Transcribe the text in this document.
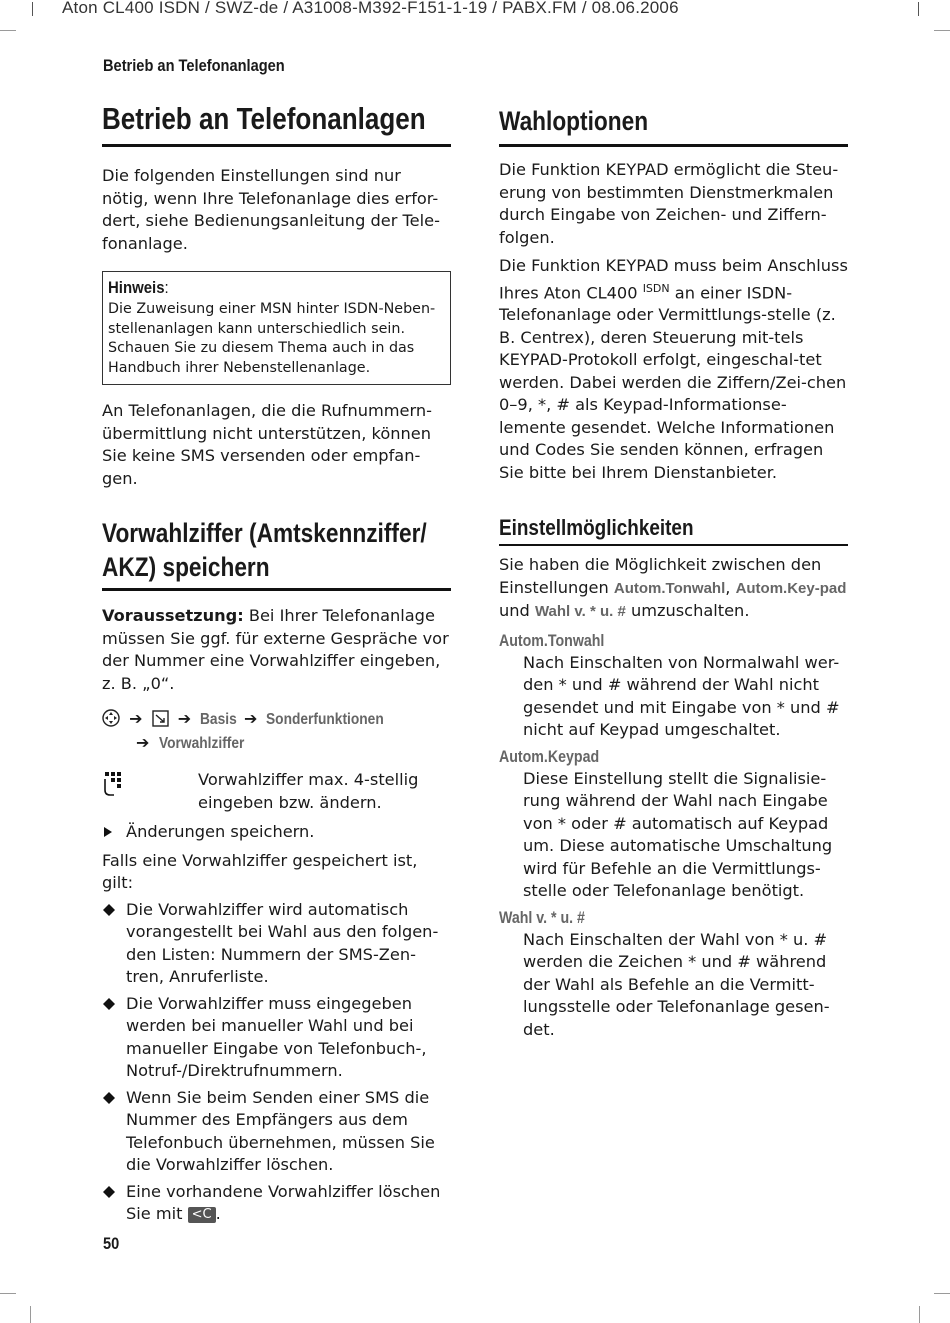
Aton CL400 ISDN / SWZ-de / A31008-M392-F151-1-19 / PABX.FM / 08.06.2006
Betrieb an Telefonanlagen
Betrieb an Telefonanlagen

Die folgenden Einstellungen sind nur nötig, wenn Ihre Telefonanlage dies erfor-dert, siehe Bedienungsanleitung der Tele-fonanlage.

Hinweis:
Die Zuweisung einer MSN hinter ISDN-Neben-stellenanlagen kann unterschiedlich sein. Schauen Sie zu diesem Thema auch in das Handbuch ihrer Nebenstellenanlage.

An Telefonanlagen, die die Rufnummern-übermittlung nicht unterstützen, können Sie keine SMS versenden oder empfan-gen.

Vorwahlziffer (Amtskennziffer/ AKZ) speichern

Voraussetzung: Bei Ihrer Telefonanlage müssen Sie ggf. für externe Gespräche vor der Nummer eine Vorwahlziffer eingeben, z. B. „0“.

➔ ➔ Basis ➔ Sonderfunktionen
➔ Vorwahlziffer

Vorwahlziffer max. 4-stellig eingeben bzw. ändern.

Änderungen speichern.

Falls eine Vorwahlziffer gespeichert ist, gilt:

Die Vorwahlziffer wird automatisch vorangestellt bei Wahl aus den folgen-den Listen: Nummern der SMS-Zen-tren, Anruferliste.

Die Vorwahlziffer muss eingegeben werden bei manueller Wahl und bei manueller Eingabe von Telefonbuch-, Notruf-/Direktrufnummern.

Wenn Sie beim Senden einer SMS die Nummer des Empfängers aus dem Telefonbuch übernehmen, müssen Sie die Vorwahlziffer löschen.

Eine vorhandene Vorwahlziffer löschen Sie mit <C .

Wahloptionen

Die Funktion KEYPAD ermöglicht die Steu-erung von bestimmten Dienstmerkmalen durch Eingabe von Zeichen- und Ziffern-folgen.

Die Funktion KEYPAD muss beim Anschluss Ihres Aton CL400 $^{ISDN}$ an einer ISDN-Telefonanlage oder Vermittlungs-stelle (z. B. Centrex), deren Steuerung mit-tels KEYPAD-Protokoll erfolgt, eingeschal-tet werden. Dabei werden die Ziffern/Zei-chen 0–9, *, # als Keypad-Informationse-lemente gesendet. Welche Informationen und Codes Sie senden können, erfragen Sie bitte bei Ihrem Dienstanbieter.

Einstellmöglichkeiten

Sie haben die Möglichkeit zwischen den Einstellungen Autom.Tonwahl, Autom.Key-pad und Wahl v. * u. # umzuschalten.

Autom.Tonwahl

Nach Einschalten von Normalwahl wer-den * und # während der Wahl nicht gesendet und mit Eingabe von * und # nicht auf Keypad umgeschaltet.

Autom.Keypad

Diese Einstellung stellt die Signalisie-rung während der Wahl nach Eingabe von * oder # automatisch auf Keypad um. Diese automatische Umschaltung wird für Befehle an die Vermittlungs-stelle oder Telefonanlage benötigt.

Wahl v. * u. #

Nach Einschalten der Wahl von * u. # werden die Zeichen * und # während der Wahl als Befehle an die Vermitt-lungsstelle oder Telefonanlage gesen-det.

50
